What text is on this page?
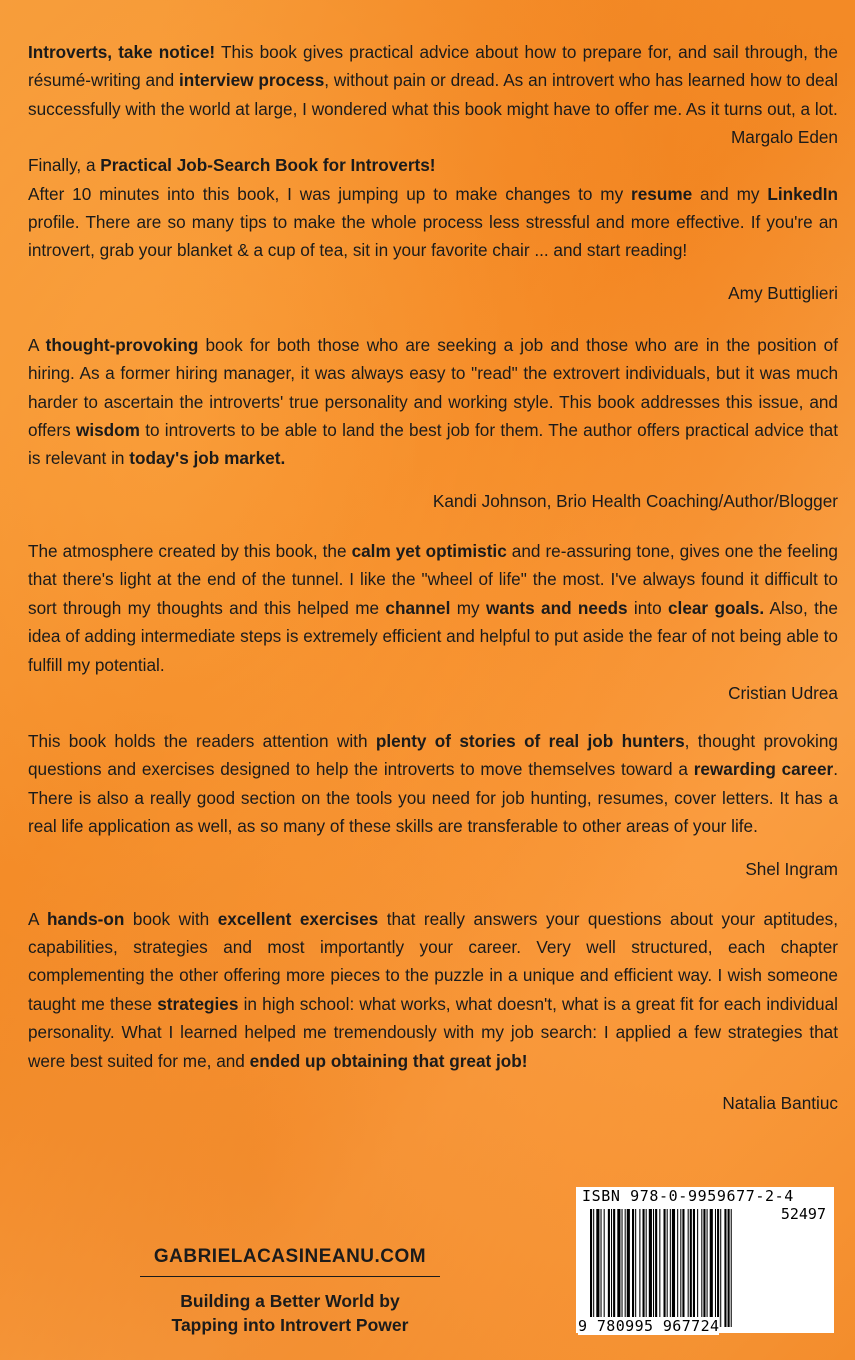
Introverts, take notice! This book gives practical advice about how to prepare for, and sail through, the résumé-writing and interview process, without pain or dread. As an introvert who has learned how to deal successfully with the world at large, I wondered what this book might have to offer me. As it turns out, a lot.

Margalo Eden

Finally, a Practical Job-Search Book for Introverts!
After 10 minutes into this book, I was jumping up to make changes to my resume and my LinkedIn profile. There are so many tips to make the whole process less stressful and more effective. If you're an introvert, grab your blanket & a cup of tea, sit in your favorite chair ... and start reading!

Amy Buttiglieri

A thought-provoking book for both those who are seeking a job and those who are in the position of hiring. As a former hiring manager, it was always easy to "read" the extrovert individuals, but it was much harder to ascertain the introverts' true personality and working style. This book addresses this issue, and offers wisdom to introverts to be able to land the best job for them. The author offers practical advice that is relevant in today's job market.

Kandi Johnson, Brio Health Coaching/Author/Blogger

The atmosphere created by this book, the calm yet optimistic and re-assuring tone, gives one the feeling that there's light at the end of the tunnel. I like the "wheel of life" the most. I've always found it difficult to sort through my thoughts and this helped me channel my wants and needs into clear goals. Also, the idea of adding intermediate steps is extremely efficient and helpful to put aside the fear of not being able to fulfill my potential.

Cristian Udrea

This book holds the readers attention with plenty of stories of real job hunters, thought provoking questions and exercises designed to help the introverts to move themselves toward a rewarding career. There is also a really good section on the tools you need for job hunting, resumes, cover letters. It has a real life application as well, as so many of these skills are transferable to other areas of your life.

Shel Ingram

A hands-on book with excellent exercises that really answers your questions about your aptitudes, capabilities, strategies and most importantly your career. Very well structured, each chapter complementing the other offering more pieces to the puzzle in a unique and efficient way. I wish someone taught me these strategies in high school: what works, what doesn't, what is a great fit for each individual personality. What I learned helped me tremendously with my job search: I applied a few strategies that were best suited for me, and ended up obtaining that great job!

Natalia Bantiuc

GABRIELACASINEANU.COM
Building a Better World by
Tapping into Introvert Power
ISBN 978-0-9959677-2-4
52497
9 780995 967724
